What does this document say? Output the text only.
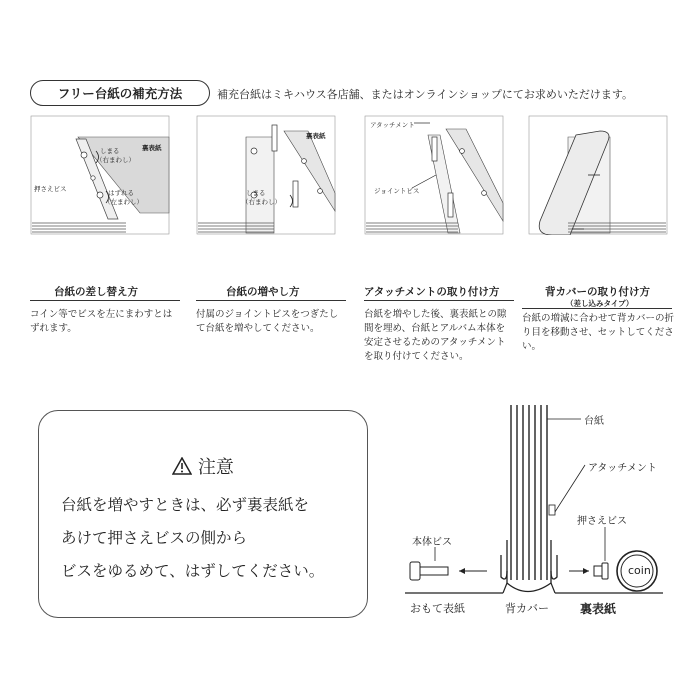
フリー台紙の補充方法	補充台紙はミキハウス各店舗、またはオンラインショップにてお求めいただけます。
裏表紙
しまる
（右まわし）
押さえビス	はずれる
（左まわし）
裏表紙
しまる
（右まわし）
アタッチメント
ジョイントビス
台紙の差し替え方
コイン等でビスを左にまわすとはずれます。
台紙の増やし方
付属のジョイントビスをつぎたして台紙を増やしてください。
アタッチメントの取り付け方
台紙を増やした後、裏表紙との隙間を埋め、台紙とアルバム本体を安定させるためのアタッチメントを取り付けてください。
背カバーの取り付け方
（差し込みタイプ）
台紙の増減に合わせて背カバーの折り目を移動させ、セットしてください。
注意
台紙を増やすときは、必ず裏表紙を
あけて押さえビスの側から
ビスをゆるめて、はずしてください。
台紙
アタッチメント
押さえビス
本体ビス
coin
おもて表紙	背カバー	裏表紙
